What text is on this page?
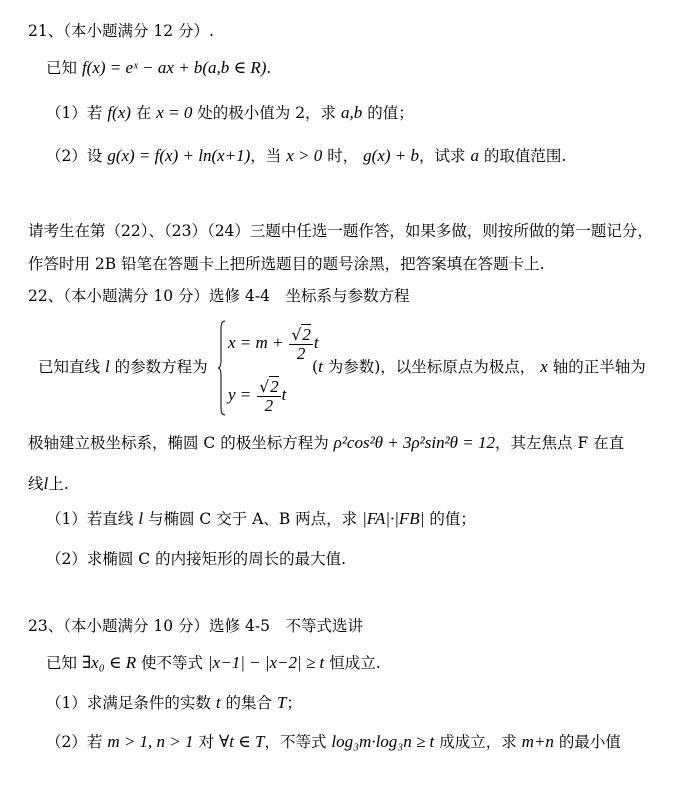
21、（本小题满分 12 分）.
已知 f(x) = eˣ − ax + b(a,b ∈ R).
（1）若 f(x) 在 x = 0 处的极小值为 2，求 a,b 的值；
（2）设 g(x) = f(x) + ln(x+1)，当 x > 0 时， g(x) + b，试求 a 的取值范围.
请考生在第（22）、（23）（24）三题中任选一题作答，如果多做，则按所做的第一题记分，
作答时用 2B 铅笔在答题卡上把所选题目的题号涂黑，把答案填在答题卡上.
22、（本小题满分 10 分）选修 4-4　坐标系与参数方程
已知直线 l 的参数方程为
$x = m + \frac{√2}{2}$ t
$y = \frac{√2}{2}$ t
(t 为参数)，以坐标原点为极点， x 轴的正半轴为
极轴建立极坐标系，椭圆 C 的极坐标方程为 ρ²cos²θ + 3ρ²sin²θ = 12，其左焦点 F 在直
线l上.
（1）若直线 l 与椭圆 C 交于 A、B 两点，求 |FA|·|FB| 的值；
（2）求椭圆 C 的内接矩形的周长的最大值.
23、（本小题满分 10 分）选修 4-5　不等式选讲
已知 ∃x₀ ∈ R 使不等式 |x−1| − |x−2| ≥ t 恒成立.
（1）求满足条件的实数 t 的集合 T；
（2）若 m > 1, n > 1 对 ∀t ∈ T，不等式 log₃m·log₃n ≥ t 成成立，求 m+n 的最小值
